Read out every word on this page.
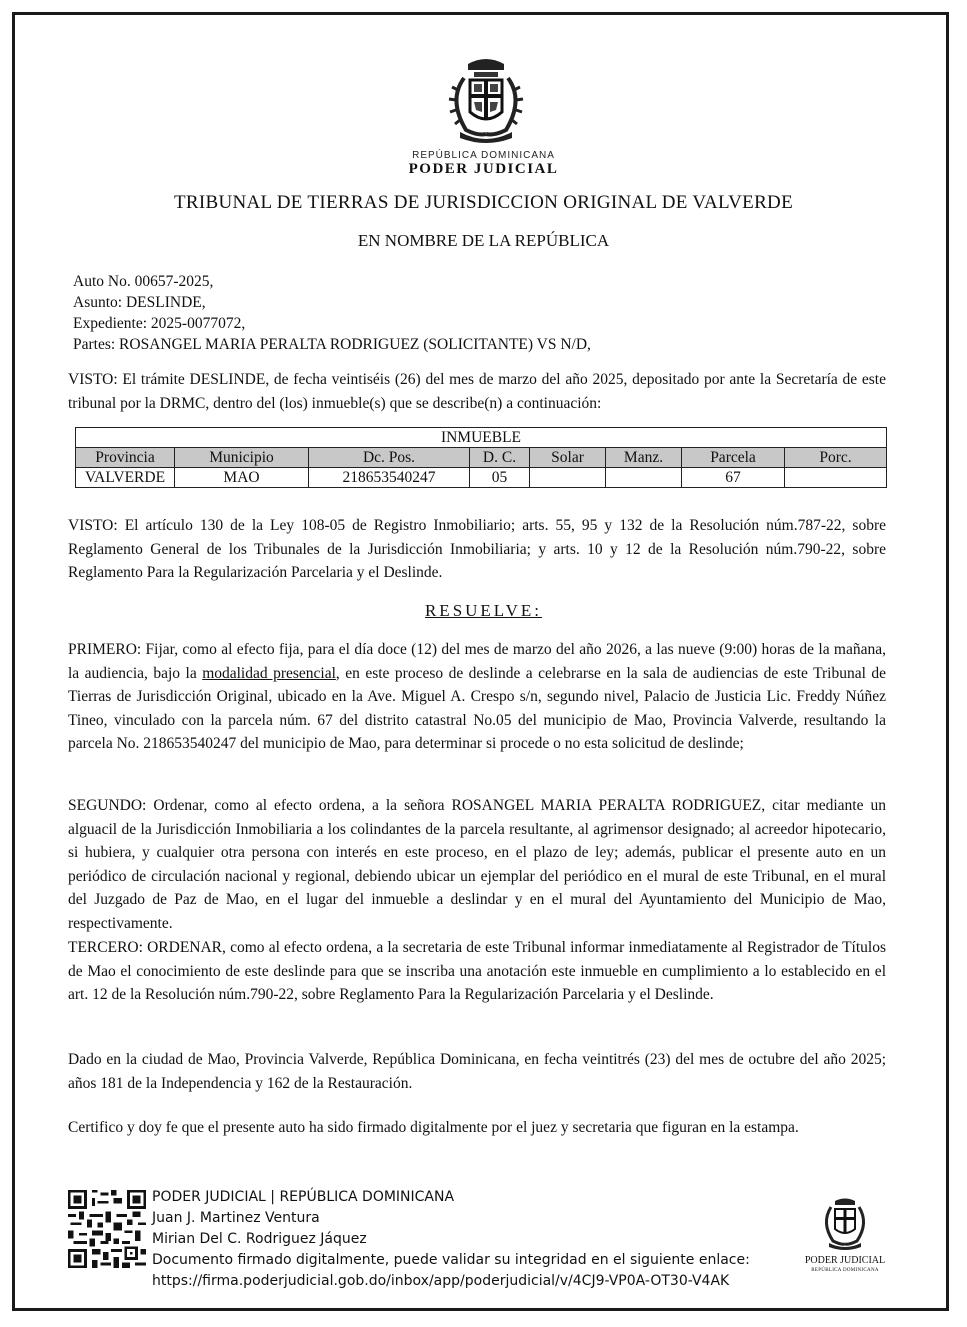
REPÚBLICA DOMINICANA
PODER JUDICIAL
TRIBUNAL DE TIERRAS DE JURISDICCION ORIGINAL DE VALVERDE
EN NOMBRE DE LA REPÚBLICA
Auto No. 00657-2025,
Asunto: DESLINDE,
Expediente: 2025-0077072,
Partes: ROSANGEL MARIA PERALTA RODRIGUEZ (SOLICITANTE) VS N/D,
VISTO: El trámite DESLINDE, de fecha veintiséis (26) del mes de marzo del año 2025, depositado por ante la Secretaría de este tribunal por la DRMC, dentro del (los) inmueble(s) que se describe(n) a continuación:
INMUEBLE							
Provincia	Municipio	Dc. Pos.	D. C.	Solar	Manz.	Parcela	Porc.
VALVERDE	MAO	218653540247	05			67	
VISTO: El artículo 130 de la Ley 108-05 de Registro Inmobiliario; arts. 55, 95 y 132 de la Resolución núm.787-22, sobre Reglamento General de los Tribunales de la Jurisdicción Inmobiliaria; y arts. 10 y 12 de la Resolución núm.790-22, sobre Reglamento Para la Regularización Parcelaria y el Deslinde.
RESUELVE:
PRIMERO: Fijar, como al efecto fija, para el día doce (12) del mes de marzo del año 2026, a las nueve (9:00) horas de la mañana, la audiencia, bajo la modalidad presencial, en este proceso de deslinde a celebrarse en la sala de audiencias de este Tribunal de Tierras de Jurisdicción Original, ubicado en la Ave. Miguel A. Crespo s/n, segundo nivel, Palacio de Justicia Lic. Freddy Núñez Tineo, vinculado con la parcela núm. 67 del distrito catastral No.05 del municipio de Mao, Provincia Valverde, resultando la parcela No. 218653540247 del municipio de Mao, para determinar si procede o no esta solicitud de deslinde;
SEGUNDO: Ordenar, como al efecto ordena, a la señora ROSANGEL MARIA PERALTA RODRIGUEZ, citar mediante un alguacil de la Jurisdicción Inmobiliaria a los colindantes de la parcela resultante, al agrimensor designado; al acreedor hipotecario, si hubiera, y cualquier otra persona con interés en este proceso, en el plazo de ley; además, publicar el presente auto en un periódico de circulación nacional y regional, debiendo ubicar un ejemplar del periódico en el mural de este Tribunal, en el mural del Juzgado de Paz de Mao, en el lugar del inmueble a deslindar y en el mural del Ayuntamiento del Municipio de Mao, respectivamente.
TERCERO: ORDENAR, como al efecto ordena, a la secretaria de este Tribunal informar inmediatamente al Registrador de Títulos de Mao el conocimiento de este deslinde para que se inscriba una anotación este inmueble en cumplimiento a lo establecido en el art. 12 de la Resolución núm.790-22, sobre Reglamento Para la Regularización Parcelaria y el Deslinde.
Dado en la ciudad de Mao, Provincia Valverde, República Dominicana, en fecha veintitrés (23) del mes de octubre del año 2025; años 181 de la Independencia y 162 de la Restauración.
Certifico y doy fe que el presente auto ha sido firmado digitalmente por el juez y secretaria que figuran en la estampa.
PODER JUDICIAL | REPÚBLICA DOMINICANA
Juan J. Martinez Ventura
Mirian Del C. Rodriguez Jáquez
Documento firmado digitalmente, puede validar su integridad en el siguiente enlace:
https://firma.poderjudicial.gob.do/inbox/app/poderjudicial/v/4CJ9-VP0A-OT30-V4AK
PODER JUDICIAL
REPÚBLICA DOMINICANA
